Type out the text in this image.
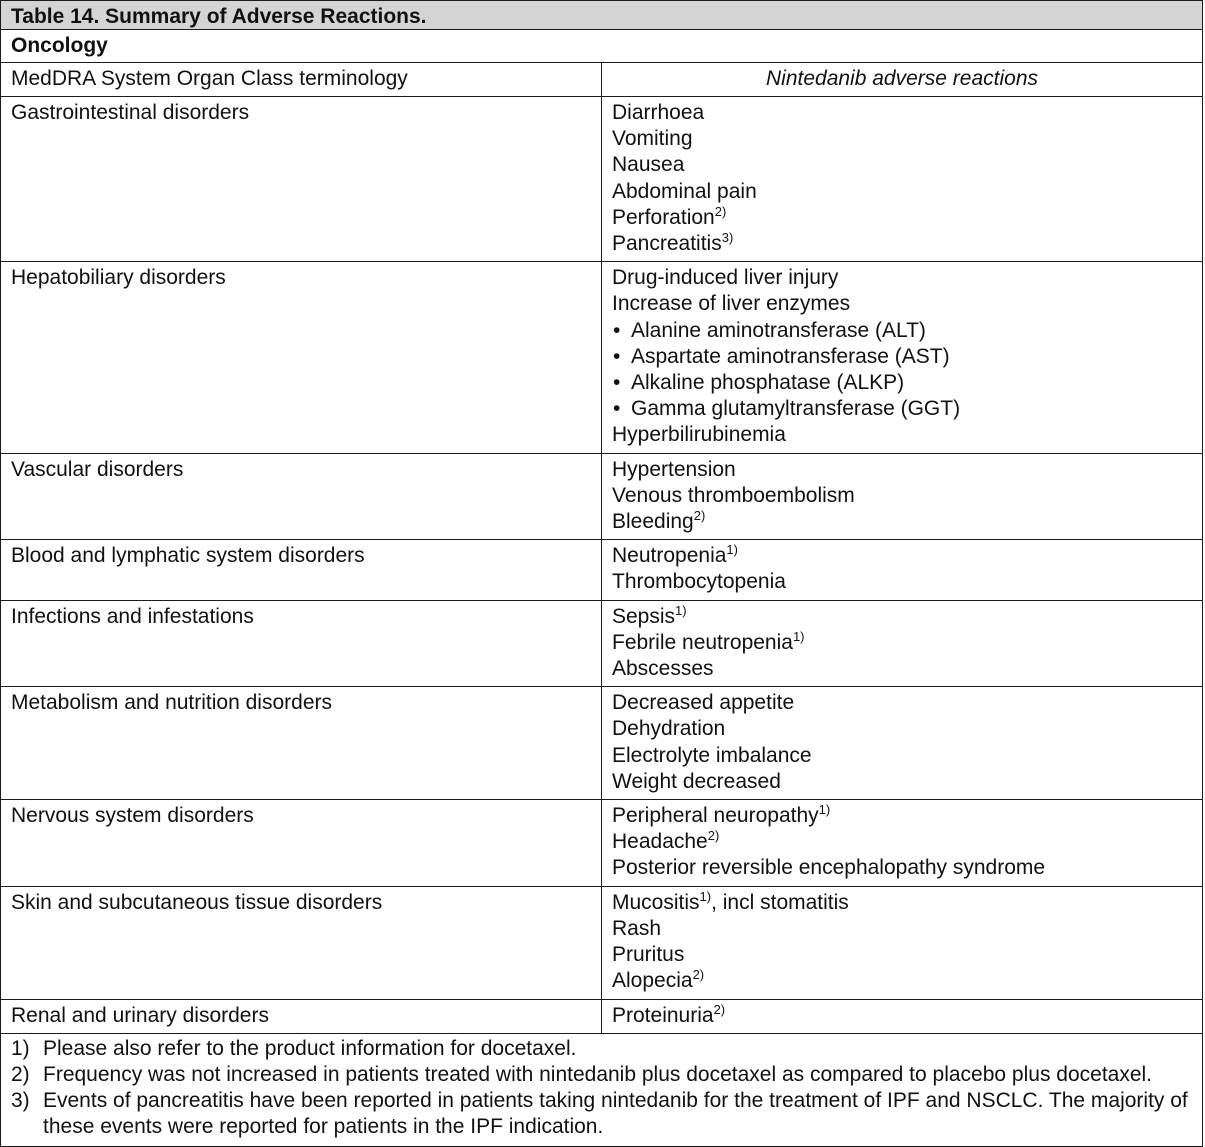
Table 14. Summary of Adverse Reactions.
Oncology
MedDRA System Organ Class terminology	Nintedanib adverse reactions
Gastrointestinal disorders	Diarrhoea
Vomiting
Nausea
Abdominal pain
Perforation$^{2)}$
Pancreatitis$^{3)}$
Hepatobiliary disorders	Drug-induced liver injury
Increase of liver enzymes
• Alanine aminotransferase (ALT)
• Aspartate aminotransferase (AST)
• Alkaline phosphatase (ALKP)
• Gamma glutamyltransferase (GGT)
Hyperbilirubinemia
Vascular disorders	Hypertension
Venous thromboembolism
Bleeding$^{2)}$
Blood and lymphatic system disorders	Neutropenia$^{1)}$
Thrombocytopenia
Infections and infestations	Sepsis$^{1)}$
Febrile neutropenia$^{1)}$
Abscesses
Metabolism and nutrition disorders	Decreased appetite
Dehydration
Electrolyte imbalance
Weight decreased
Nervous system disorders	Peripheral neuropathy$^{1)}$
Headache$^{2)}$
Posterior reversible encephalopathy syndrome
Skin and subcutaneous tissue disorders	Mucositis$^{1)}$, incl stomatitis
Rash
Pruritus
Alopecia$^{2)}$
Renal and urinary disorders	Proteinuria$^{2)}$
1) Please also refer to the product information for docetaxel.
2) Frequency was not increased in patients treated with nintedanib plus docetaxel as compared to placebo plus docetaxel.
3) Events of pancreatitis have been reported in patients taking nintedanib for the treatment of IPF and NSCLC. The majority of these events were reported for patients in the IPF indication.
